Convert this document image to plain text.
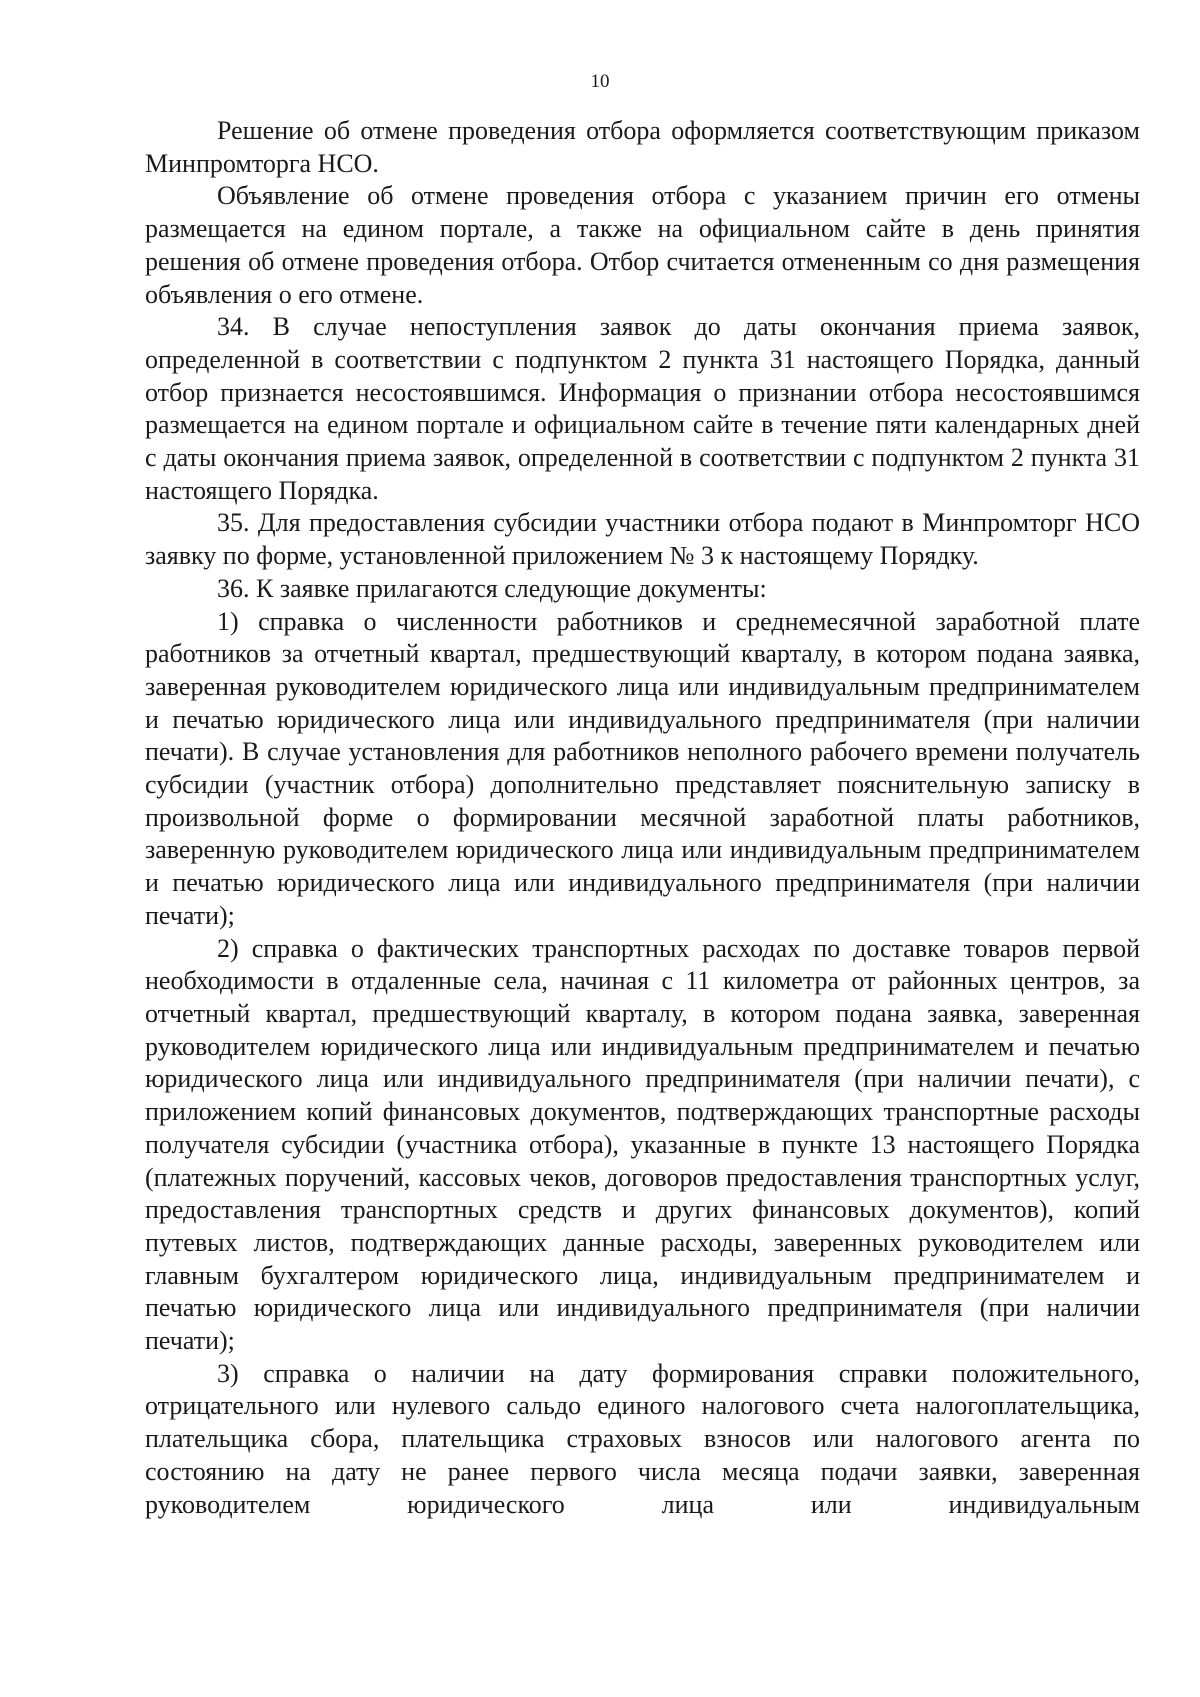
10

Решение об отмене проведения отбора оформляется соответствующим приказом Минпромторга НСО.

Объявление об отмене проведения отбора с указанием причин его отмены размещается на едином портале, а также на официальном сайте в день принятия решения об отмене проведения отбора. Отбор считается отмененным со дня размещения объявления о его отмене.

34. В случае непоступления заявок до даты окончания приема заявок, определенной в соответствии с подпунктом 2 пункта 31 настоящего Порядка, данный отбор признается несостоявшимся. Информация о признании отбора несостоявшимся размещается на едином портале и официальном сайте в течение пяти календарных дней с даты окончания приема заявок, определенной в соответствии с подпунктом 2 пункта 31 настоящего Порядка.

35. Для предоставления субсидии участники отбора подают в Минпромторг НСО заявку по форме, установленной приложением № 3 к настоящему Порядку.

36. К заявке прилагаются следующие документы:

1) справка о численности работников и среднемесячной заработной плате работников за отчетный квартал, предшествующий кварталу, в котором подана заявка, заверенная руководителем юридического лица или индивидуальным предпринимателем и печатью юридического лица или индивидуального предпринимателя (при наличии печати). В случае установления для работников неполного рабочего времени получатель субсидии (участник отбора) дополнительно представляет пояснительную записку в произвольной форме о формировании месячной заработной платы работников, заверенную руководителем юридического лица или индивидуальным предпринимателем и печатью юридического лица или индивидуального предпринимателя (при наличии печати);

2) справка о фактических транспортных расходах по доставке товаров первой необходимости в отдаленные села, начиная с 11 километра от районных центров, за отчетный квартал, предшествующий кварталу, в котором подана заявка, заверенная руководителем юридического лица или индивидуальным предпринимателем и печатью юридического лица или индивидуального предпринимателя (при наличии печати), с приложением копий финансовых документов, подтверждающих транспортные расходы получателя субсидии (участника отбора), указанные в пункте 13 настоящего Порядка (платежных поручений, кассовых чеков, договоров предоставления транспортных услуг, предоставления транспортных средств и других финансовых документов), копий путевых листов, подтверждающих данные расходы, заверенных руководителем или главным бухгалтером юридического лица, индивидуальным предпринимателем и печатью юридического лица или индивидуального предпринимателя (при наличии печати);

3) справка о наличии на дату формирования справки положительного, отрицательного или нулевого сальдо единого налогового счета налогоплательщика, плательщика сбора, плательщика страховых взносов или налогового агента по состоянию на дату не ранее первого числа месяца подачи заявки, заверенная руководителем юридического лица или индивидуальным
